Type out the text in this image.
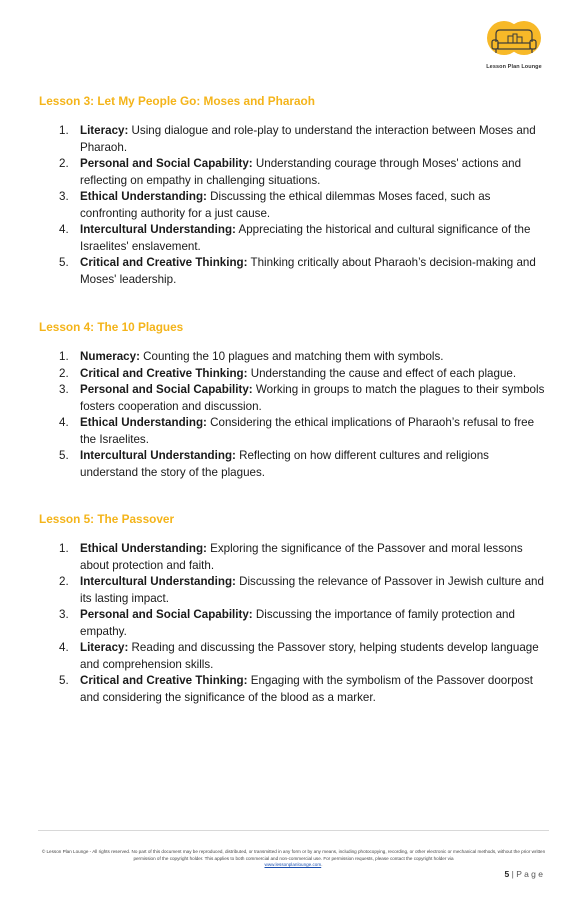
Lesson Plan Lounge
Lesson 3: Let My People Go: Moses and Pharaoh
1. Literacy: Using dialogue and role-play to understand the interaction between Moses and Pharaoh.
2. Personal and Social Capability: Understanding courage through Moses' actions and reflecting on empathy in challenging situations.
3. Ethical Understanding: Discussing the ethical dilemmas Moses faced, such as confronting authority for a just cause.
4. Intercultural Understanding: Appreciating the historical and cultural significance of the Israelites' enslavement.
5. Critical and Creative Thinking: Thinking critically about Pharaoh’s decision-making and Moses' leadership.
Lesson 4: The 10 Plagues
1. Numeracy: Counting the 10 plagues and matching them with symbols.
2. Critical and Creative Thinking: Understanding the cause and effect of each plague.
3. Personal and Social Capability: Working in groups to match the plagues to their symbols fosters cooperation and discussion.
4. Ethical Understanding: Considering the ethical implications of Pharaoh’s refusal to free the Israelites.
5. Intercultural Understanding: Reflecting on how different cultures and religions understand the story of the plagues.
Lesson 5: The Passover
1. Ethical Understanding: Exploring the significance of the Passover and moral lessons about protection and faith.
2. Intercultural Understanding: Discussing the relevance of Passover in Jewish culture and its lasting impact.
3. Personal and Social Capability: Discussing the importance of family protection and empathy.
4. Literacy: Reading and discussing the Passover story, helping students develop language and comprehension skills.
5. Critical and Creative Thinking: Engaging with the symbolism of the Passover doorpost and considering the significance of the blood as a marker.
© Lesson Plan Lounge - All rights reserved. No part of this document may be reproduced, distributed, or transmitted in any form or by any means, including photocopying, recording, or other electronic or mechanical methods, without the prior written permission of the copyright holder. This applies to both commercial and non-commercial use. For permission requests, please contact the copyright holder via
www.lessonplanlounge.com.
5 | P a g e
